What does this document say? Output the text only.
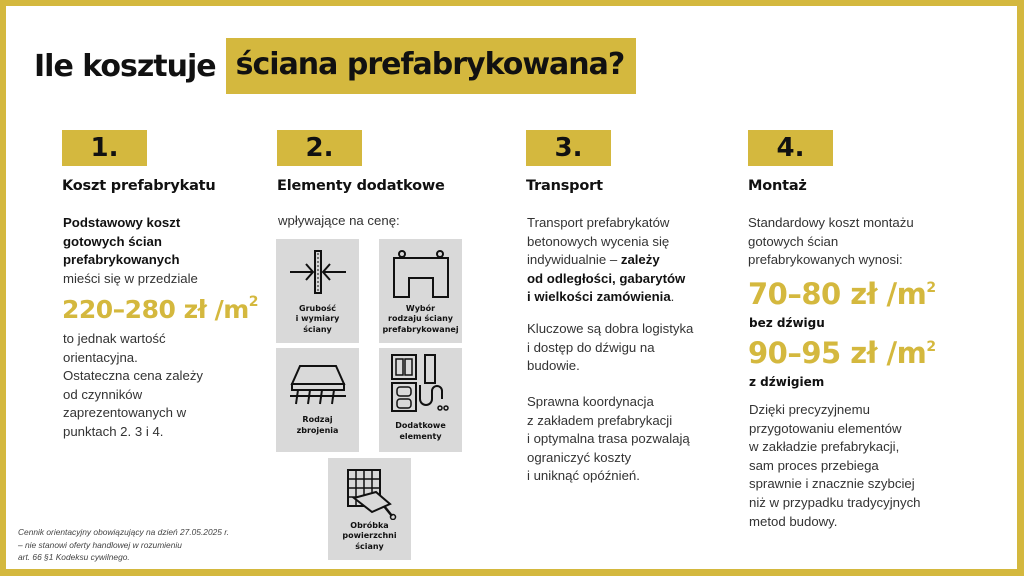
Ile kosztuje ściana prefabrykowana?
1.
Koszt prefabrykatu
Podstawowy koszt
gotowych ścian
prefabrykowanych
mieści się w przedziale
220–280 zł $/m^2$
to jednak wartość
orientacyjna.
Ostateczna cena zależy
od czynników
zaprezentowanych w
punktach 2. 3 i 4.
2.
Elementy dodatkowe
wpływające na cenę:
Grubość
i wymiary
ściany
Wybór
rodzaju ściany
prefabrykowanej
Rodzaj
zbrojenia	Dodatkowe
elementy
Obróbka
powierzchni
ściany
3.
Transport
Transport prefabrykatów
betonowych wycenia się
indywidualnie – zależy
od odległości, gabarytów
i wielkości zamówienia.
Kluczowe są dobra logistyka
i dostęp do dźwigu na
budowie.
Sprawna koordynacja
z zakładem prefabrykacji
i optymalna trasa pozwalają
ograniczyć koszty
i uniknąć opóźnień.
4.
Montaż
Standardowy koszt montażu
gotowych ścian
prefabrykowanych wynosi:
70–80 zł $/m^2$
bez dźwigu
90–95 zł $/m^2$
z dźwigiem
Dzięki precyzyjnemu
przygotowaniu elementów
w zakładzie prefabrykacji,
sam proces przebiega
sprawnie i znacznie szybciej
niż w przypadku tradycyjnych
metod budowy.
Cennik orientacyjny obowiązujący na dzień 27.05.2025 r.
– nie stanowi oferty handlowej w rozumieniu
art. 66 §1 Kodeksu cywilnego.
